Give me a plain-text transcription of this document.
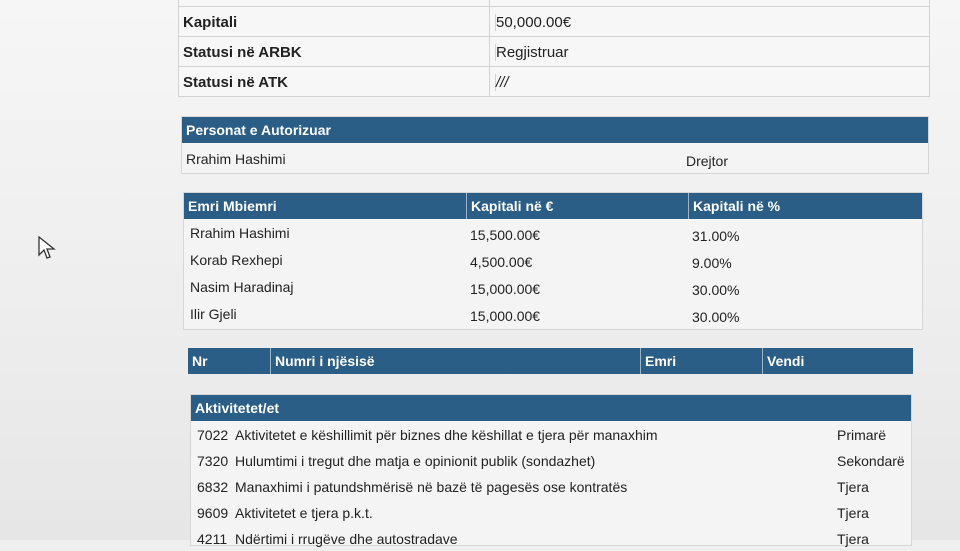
Kapitali	50,000.00€
Statusi në ARBK	Regjistruar
Statusi në ATK	///
Personat e Autorizuar
Rrahim Hashimi	Drejtor
Emri Mbiemri	Kapitali në €	Kapitali në %
Rrahim Hashimi	15,500.00€	31.00%
Korab Rexhepi	4,500.00€	9.00%
Nasim Haradinaj	15,000.00€	30.00%
Ilir Gjeli	15,000.00€	30.00%
Nr	Numri i njësisë	Emri	Vendi
Aktivitetet/et
7022 Aktivitetet e këshillimit për biznes dhe këshillat e tjera për manaxhim	Primarë
7320 Hulumtimi i tregut dhe matja e opinionit publik (sondazhet)	Sekondarë
6832 Manaxhimi i patundshmërisë në bazë të pagesës ose kontratës	Tjera
9609 Aktivitetet e tjera p.k.t.	Tjera
4211 Ndërtimi i rrugëve dhe autostradave	Tjera
